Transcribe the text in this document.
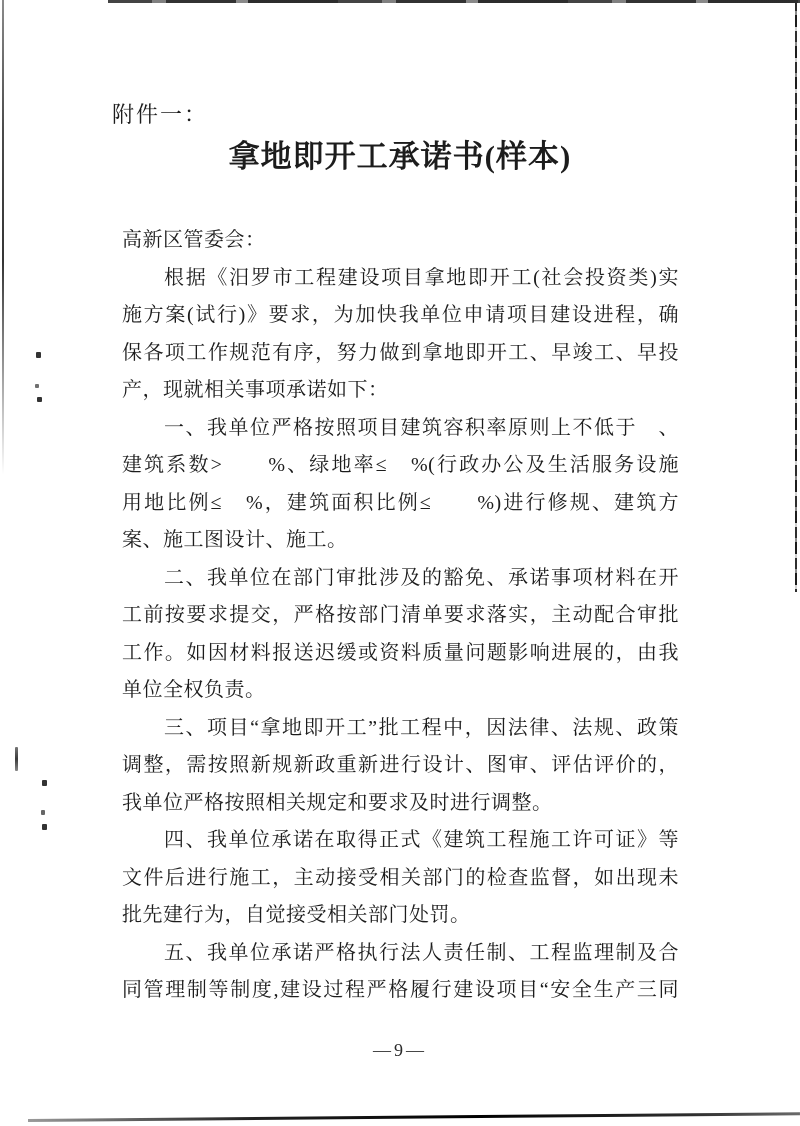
附件一：
拿地即开工承诺书(样本)
高新区管委会：
根据《汨罗市工程建设项目拿地即开工(社会投资类)实
施方案(试行)》要求，为加快我单位申请项目建设进程，确
保各项工作规范有序，努力做到拿地即开工、早竣工、早投
产，现就相关事项承诺如下：
一、我单位严格按照项目建筑容积率原则上不低于　、
建筑系数>　　%、绿地率≤　%(行政办公及生活服务设施
用地比例≤　%，建筑面积比例≤　　%)进行修规、建筑方
案、施工图设计、施工。
二、我单位在部门审批涉及的豁免、承诺事项材料在开
工前按要求提交，严格按部门清单要求落实，主动配合审批
工作。如因材料报送迟缓或资料质量问题影响进展的，由我
单位全权负责。
三、项目“拿地即开工”批工程中，因法律、法规、政策
调整，需按照新规新政重新进行设计、图审、评估评价的，
我单位严格按照相关规定和要求及时进行调整。
四、我单位承诺在取得正式《建筑工程施工许可证》等
文件后进行施工，主动接受相关部门的检查监督，如出现未
批先建行为，自觉接受相关部门处罚。
五、我单位承诺严格执行法人责任制、工程监理制及合
同管理制等制度,建设过程严格履行建设项目“安全生产三同
—9—
